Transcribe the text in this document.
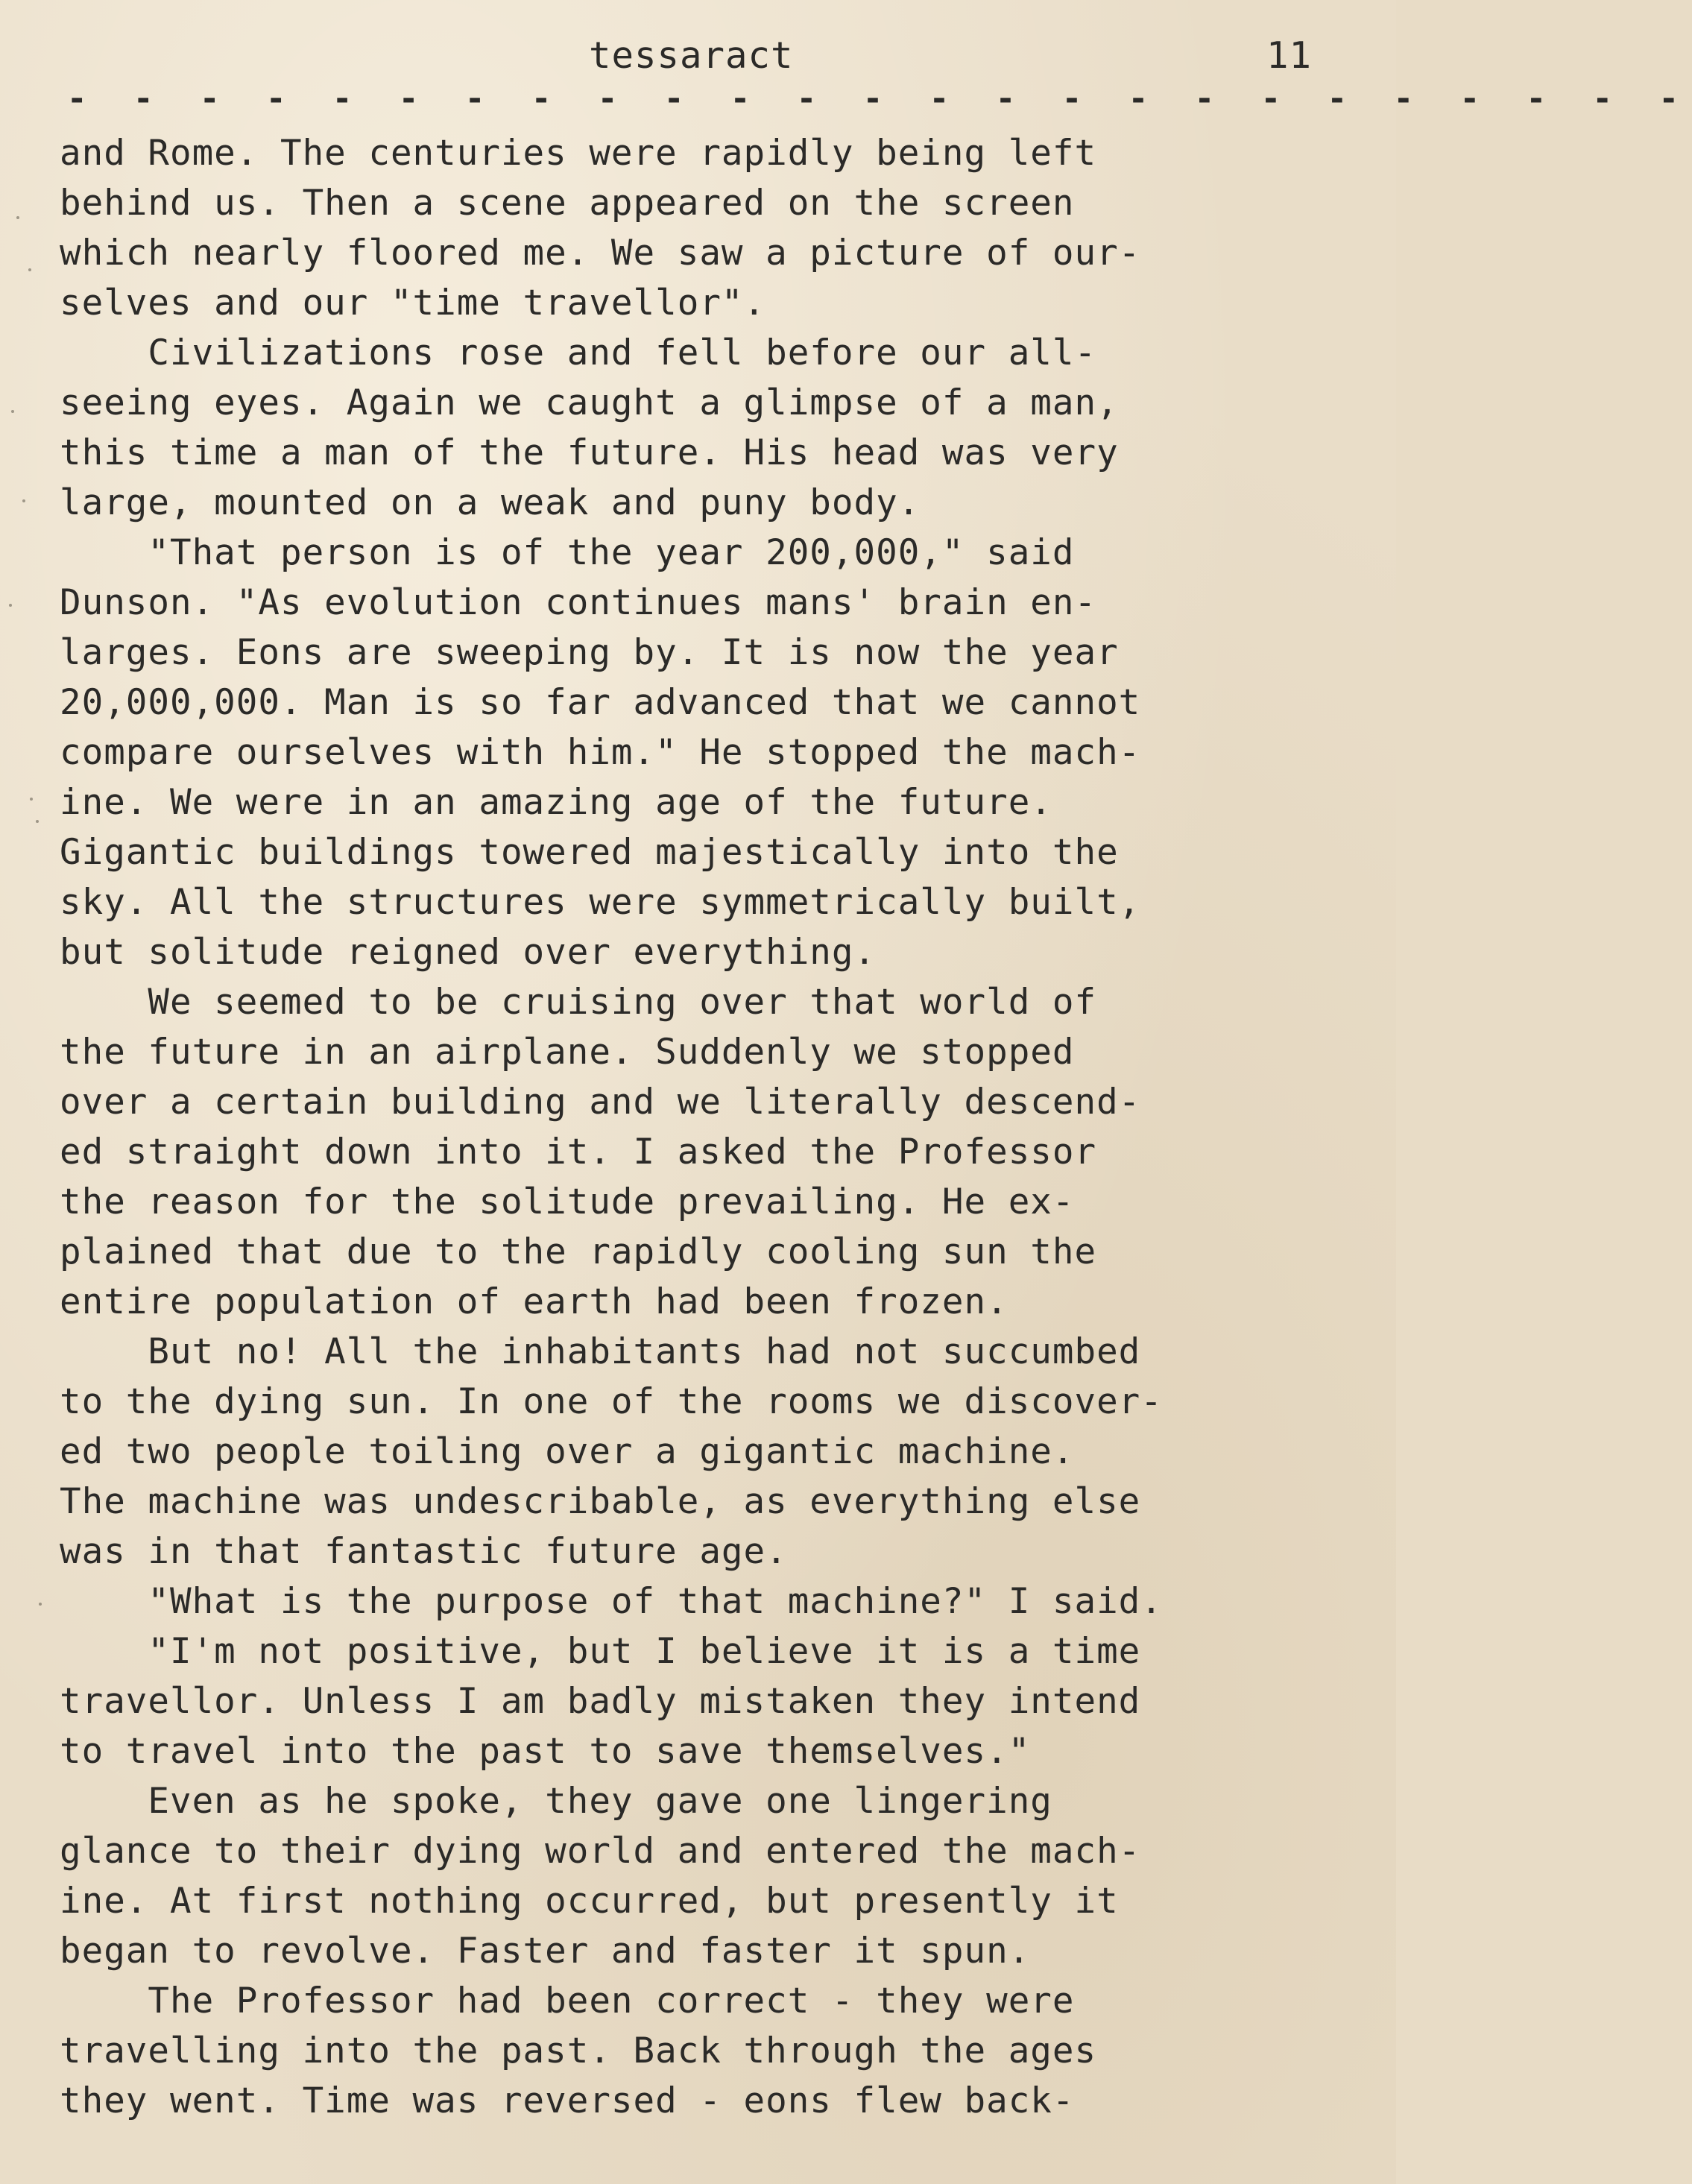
tessaract	11
- - - - - - - - - - - - - - - - - - - - - - - - -
and Rome. The centuries were rapidly being left
behind us. Then a scene appeared on the screen
which nearly floored me. We saw a picture of our-
selves and our "time travellor".
Civilizations rose and fell before our all-
seeing eyes. Again we caught a glimpse of a man,
this time a man of the future. His head was very
large, mounted on a weak and puny body.
"That person is of the year 200,000," said
Dunson. "As evolution continues mans' brain en-
larges. Eons are sweeping by. It is now the year
20,000,000. Man is so far advanced that we cannot
compare ourselves with him." He stopped the mach-
ine. We were in an amazing age of the future.
Gigantic buildings towered majestically into the
sky. All the structures were symmetrically built,
but solitude reigned over everything.
We seemed to be cruising over that world of
the future in an airplane. Suddenly we stopped
over a certain building and we literally descend-
ed straight down into it. I asked the Professor
the reason for the solitude prevailing. He ex-
plained that due to the rapidly cooling sun the
entire population of earth had been frozen.
But no! All the inhabitants had not succumbed
to the dying sun. In one of the rooms we discover-
ed two people toiling over a gigantic machine.
The machine was undescribable, as everything else
was in that fantastic future age.
"What is the purpose of that machine?" I said.
"I'm not positive, but I believe it is a time
travellor. Unless I am badly mistaken they intend
to travel into the past to save themselves."
Even as he spoke, they gave one lingering
glance to their dying world and entered the mach-
ine. At first nothing occurred, but presently it
began to revolve. Faster and faster it spun.
The Professor had been correct - they were
travelling into the past. Back through the ages
they went. Time was reversed - eons flew back-
